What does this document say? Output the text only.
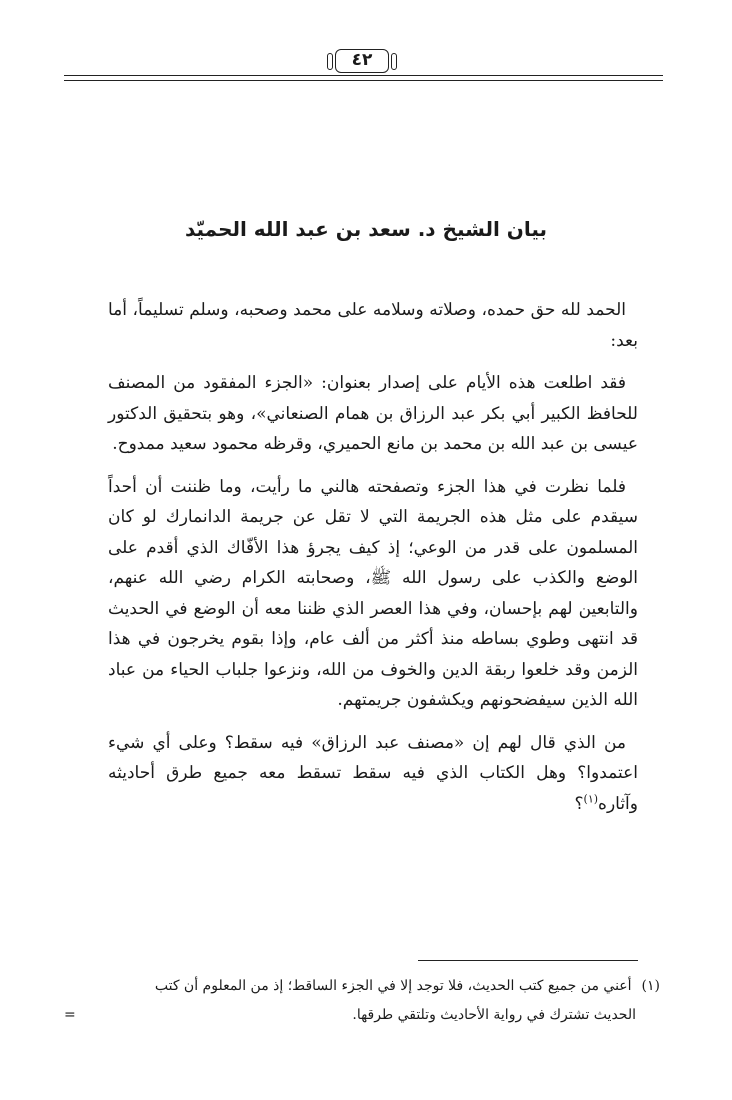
٤٢
بيان الشيخ د. سعد بن عبد الله الحميّد

الحمد لله حق حمده، وصلاته وسلامه على محمد وصحبه، وسلم تسليماً، أما بعد:

فقد اطلعت هذه الأيام على إصدار بعنوان: «الجزء المفقود من المصنف للحافظ الكبير أبي بكر عبد الرزاق بن همام الصنعاني»، وهو بتحقيق الدكتور عيسى بن عبد الله بن محمد بن مانع الحميري، وقرظه محمود سعيد ممدوح.

فلما نظرت في هذا الجزء وتصفحته هالني ما رأيت، وما ظننت أن أحداً سيقدم على مثل هذه الجريمة التي لا تقل عن جريمة الدانمارك لو كان المسلمون على قدر من الوعي؛ إذ كيف يجرؤ هذا الأفّاك الذي أقدم على الوضع والكذب على رسول الله ﷺ، وصحابته الكرام رضي الله عنهم، والتابعين لهم بإحسان، وفي هذا العصر الذي ظننا معه أن الوضع في الحديث قد انتهى وطوي بساطه منذ أكثر من ألف عام، وإذا بقوم يخرجون في هذا الزمن وقد خلعوا ربقة الدين والخوف من الله، ونزعوا جلباب الحياء من عباد الله الذين سيفضحونهم ويكشفون جريمتهم.

من الذي قال لهم إن «مصنف عبد الرزاق» فيه سقط؟ وعلى أي شيء اعتمدوا؟ وهل الكتاب الذي فيه سقط تسقط معه جميع طرق أحاديثه وآثاره$^{(١)}$؟

(١) أعني من جميع كتب الحديث، فلا توجد إلا في الجزء الساقط؛ إذ من المعلوم أن كتب
الحديث تشترك في رواية الأحاديث وتلتقي طرقها.
=
